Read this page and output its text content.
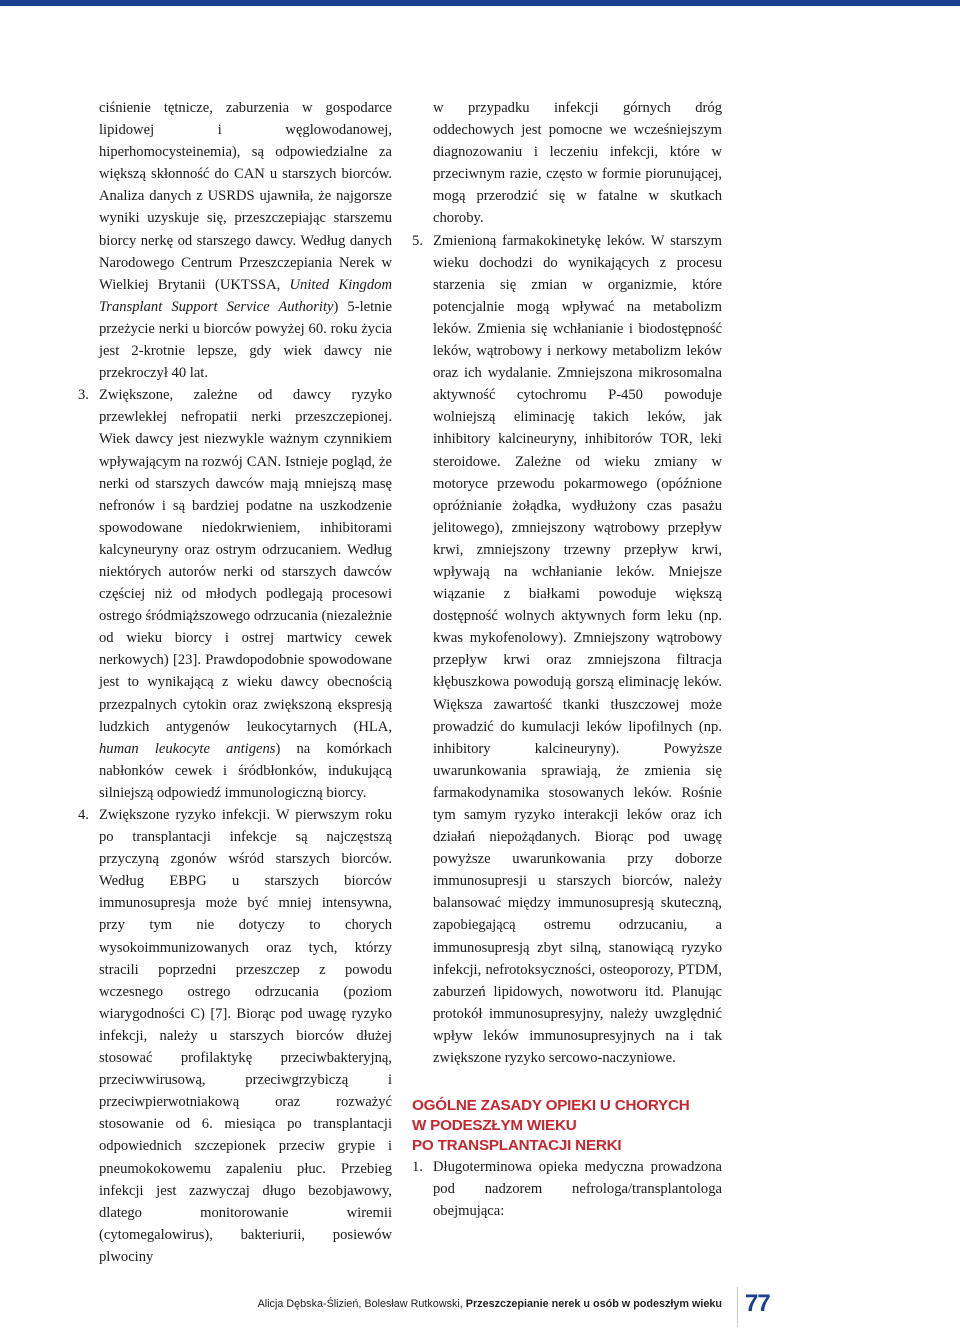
ciśnienie tętnicze, zaburzenia w gospodarce lipidowej i węglowodanowej, hiperhomocysteinemia), są odpowiedzialne za większą skłonność do CAN u starszych biorców. Analiza danych z USRDS ujawniła, że najgorsze wyniki uzyskuje się, przeszczepiając starszemu biorcy nerkę od starszego dawcy. Według danych Narodowego Centrum Przeszczepiania Nerek w Wielkiej Brytanii (UKTSSA, United Kingdom Transplant Support Service Authority) 5-letnie przeżycie nerki u biorców powyżej 60. roku życia jest 2-krotnie lepsze, gdy wiek dawcy nie przekroczył 40 lat.

3. Zwiększone, zależne od dawcy ryzyko przewlekłej nefropatii nerki przeszczepionej. Wiek dawcy jest niezwykle ważnym czynnikiem wpływającym na rozwój CAN. Istnieje pogląd, że nerki od starszych dawców mają mniejszą masę nefronów i są bardziej podatne na uszkodzenie spowodowane niedokrwieniem, inhibitorami kalcyneuryny oraz ostrym odrzucaniem. Według niektórych autorów nerki od starszych dawców częściej niż od młodych podlegają procesowi ostrego śródmiąższowego odrzucania (niezależnie od wieku biorcy i ostrej martwicy cewek nerkowych) [23]. Prawdopodobnie spowodowane jest to wynikającą z wieku dawcy obecnością przezpalnych cytokin oraz zwiększoną ekspresją ludzkich antygenów leukocytarnych (HLA, human leukocyte antigens) na komórkach nabłonków cewek i śródbłonków, indukującą silniejszą odpowiedź immunologiczną biorcy.

4. Zwiększone ryzyko infekcji. W pierwszym roku po transplantacji infekcje są najczęstszą przyczyną zgonów wśród starszych biorców. Według EBPG u starszych biorców immunosupresja może być mniej intensywna, przy tym nie dotyczy to chorych wysokoimmunizowanych oraz tych, którzy stracili poprzedni przeszczep z powodu wczesnego ostrego odrzucania (poziom wiarygodności C) [7]. Biorąc pod uwagę ryzyko infekcji, należy u starszych biorców dłużej stosować profilaktykę przeciwbakteryjną, przeciwwirusową, przeciwgrzybiczą i przeciwpierwotniakową oraz rozważyć stosowanie od 6. miesiąca po transplantacji odpowiednich szczepionek przeciw grypie i pneumokokowemu zapaleniu płuc. Przebieg infekcji jest zazwyczaj długo bezobjawowy, dlatego monitorowanie wiremii (cytomegalowirus), bakteriurii, posiewów plwociny

w przypadku infekcji górnych dróg oddechowych jest pomocne we wcześniejszym diagnozowaniu i leczeniu infekcji, które w przeciwnym razie, często w formie piorunującej, mogą przerodzić się w fatalne w skutkach choroby.

5. Zmienioną farmakokinetykę leków. W starszym wieku dochodzi do wynikających z procesu starzenia się zmian w organizmie, które potencjalnie mogą wpływać na metabolizm leków. Zmienia się wchłanianie i biodostępność leków, wątrobowy i nerkowy metabolizm leków oraz ich wydalanie. Zmniejszona mikrosomalna aktywność cytochromu P-450 powoduje wolniejszą eliminację takich leków, jak inhibitory kalcineuryny, inhibitorów TOR, leki steroidowe. Zależne od wieku zmiany w motoryce przewodu pokarmowego (opóźnione opróżnianie żołądka, wydłużony czas pasażu jelitowego), zmniejszony wątrobowy przepływ krwi, zmniejszony trzewny przepływ krwi, wpływają na wchłanianie leków. Mniejsze wiązanie z białkami powoduje większą dostępność wolnych aktywnych form leku (np. kwas mykofenolowy). Zmniejszony wątrobowy przepływ krwi oraz zmniejszona filtracja kłębuszkowa powodują gorszą eliminację leków. Większa zawartość tkanki tłuszczowej może prowadzić do kumulacji leków lipofilnych (np. inhibitory kalcineuryny). Powyższe uwarunkowania sprawiają, że zmienia się farmakodynamika stosowanych leków. Rośnie tym samym ryzyko interakcji leków oraz ich działań niepożądanych. Biorąc pod uwagę powyższe uwarunkowania przy doborze immunosupresji u starszych biorców, należy balansować między immunosupresją skuteczną, zapobiegającą ostremu odrzucaniu, a immunosupresją zbyt silną, stanowiącą ryzyko infekcji, nefrotoksyczności, osteoporozy, PTDM, zaburzeń lipidowych, nowotworu itd. Planując protokół immunosupresyjny, należy uwzględnić wpływ leków immunosupresyjnych na i tak zwiększone ryzyko sercowo-naczyniowe.

OGÓLNE ZASADY OPIEKI U CHORYCH
W PODESZŁYM WIEKU
PO TRANSPLANTACJI NERKI

1. Długoterminowa opieka medyczna prowadzona pod nadzorem nefrologa/transplantologa obejmująca:

Alicja Dębska-Ślizień, Bolesław Rutkowski, Przeszczepianie nerek u osób w podeszłym wieku 77
